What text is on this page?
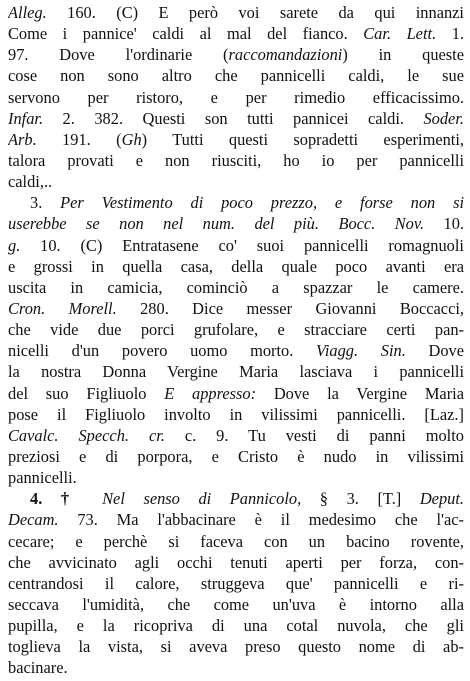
Alleg. 160. (C) E però voi sarete da qui innanzi
Come i pannice' caldi al mal del fianco. Car. Lett. 1.
97. Dove l'ordinarie (raccomandazioni) in queste
cose non sono altro che pannicelli caldi, le sue
servono per ristoro, e per rimedio efficacissimo.
Infar. 2. 382. Questi son tutti pannicei caldi. Soder.
Arb. 191. (Gh) Tutti questi sopradetti esperimenti,
talora provati e non riusciti, ho io per pannicelli
caldi,..
3. Per Vestimento di poco prezzo, e forse non si
userebbe se non nel num. del più. Bocc. Nov. 10.
g. 10. (C) Entratasene co' suoi pannicelli romagnuoli
e grossi in quella casa, della quale poco avanti era
uscita in camicia, cominciò a spazzar le camere.
Cron. Morell. 280. Dice messer Giovanni Boccacci,
che vide due porci grufolare, e stracciare certi pan-
nicelli d'un povero uomo morto. Viagg. Sin. Dove
la nostra Donna Vergine Maria lasciava i pannicelli
del suo Figliuolo E appresso: Dove la Vergine Maria
pose il Figliuolo involto in vilissimi pannicelli. [Laz.]
Cavalc. Specch. cr. c. 9. Tu vesti di panni molto
preziosi e di porpora, e Cristo è nudo in vilissimi
pannicelli.
4. † Nel senso di Pannicolo, § 3. [T.] Deput.
Decam. 73. Ma l'abbacinare è il medesimo che l'ac-
cecare; e perchè si faceva con un bacino rovente,
che avvicinato agli occhi tenuti aperti per forza, con-
centrandosi il calore, struggeva que' pannicelli e ri-
seccava l'umidità, che come un'uva è intorno alla
pupilla, e la ricopriva di una cotal nuvola, che gli
toglieva la vista, si aveva preso questo nome di ab-
bacinare.
